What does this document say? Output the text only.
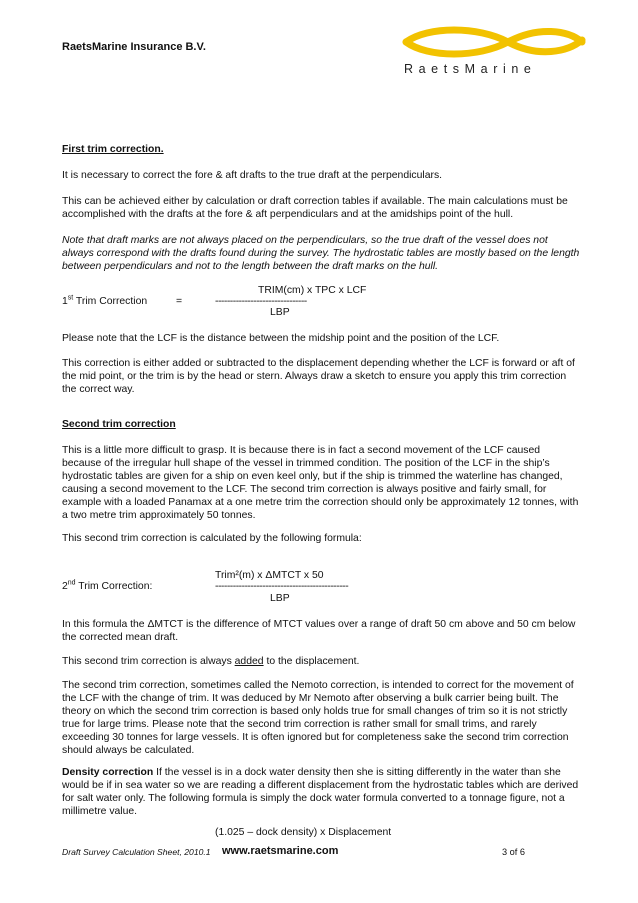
RaetsMarine Insurance B.V.
RaetsMarine

First trim correction.

It is necessary to correct the fore & aft drafts to the true draft at the perpendiculars.

This can be achieved either by calculation or draft correction tables if available. The main calculations must be accomplished with the drafts at the fore & aft perpendiculars and at the amidships point of the hull.

Note that draft marks are not always placed on the perpendiculars, so the true draft of the vessel does not always correspond with the drafts found during the survey. The hydrostatic tables are mostly based on the length between perpendiculars and not to the length between the draft marks on the hull.

TRIM(cm) x TPC x LCF
1st Trim Correction	=	-------------------------------
LBP

Please note that the LCF is the distance between the midship point and the position of the LCF.

This correction is either added or subtracted to the displacement depending whether the LCF is forward or aft of the mid point, or the trim is by the head or stern. Always draw a sketch to ensure you apply this trim correction the correct way.

Second trim correction

This is a little more difficult to grasp. It is because there is in fact a second movement of the LCF caused because of the irregular hull shape of the vessel in trimmed condition. The position of the LCF in the ship’s hydrostatic tables are given for a ship on even keel only, but if the ship is trimmed the waterline has changed, causing a second movement to the LCF. The second trim correction is always positive and fairly small, for example with a loaded Panamax at a one metre trim the correction should only be approximately 12 tonnes, with a two metre trim approximately 50 tonnes.

This second trim correction is calculated by the following formula:

Trim²(m) x ΔMTCT x 50
2nd Trim Correction:	---------------------------------------------
LBP

In this formula the ΔMTCT is the difference of MTCT values over a range of draft 50 cm above and 50 cm below the corrected mean draft.

This second trim correction is always added to the displacement.

The second trim correction, sometimes called the Nemoto correction, is intended to correct for the movement of the LCF with the change of trim. It was deduced by Mr Nemoto after observing a bulk carrier being built. The theory on which the second trim correction is based only holds true for small changes of trim so it is not strictly true for large trims. Please note that the second trim correction is rather small for small trims, and rarely exceeding 30 tonnes for large vessels. It is often ignored but for completeness sake the second trim correction should always be calculated.

Density correction If the vessel is in a dock water density then she is sitting differently in the water than she would be if in sea water so we are reading a different displacement from the hydrostatic tables which are derived for salt water only. The following formula is simply the dock water formula converted to a tonnage figure, not a millimetre value.

(1.025 – dock density) x Displacement
Draft Survey Calculation Sheet, 2010.1 www.raetsmarine.com	3 of 6
